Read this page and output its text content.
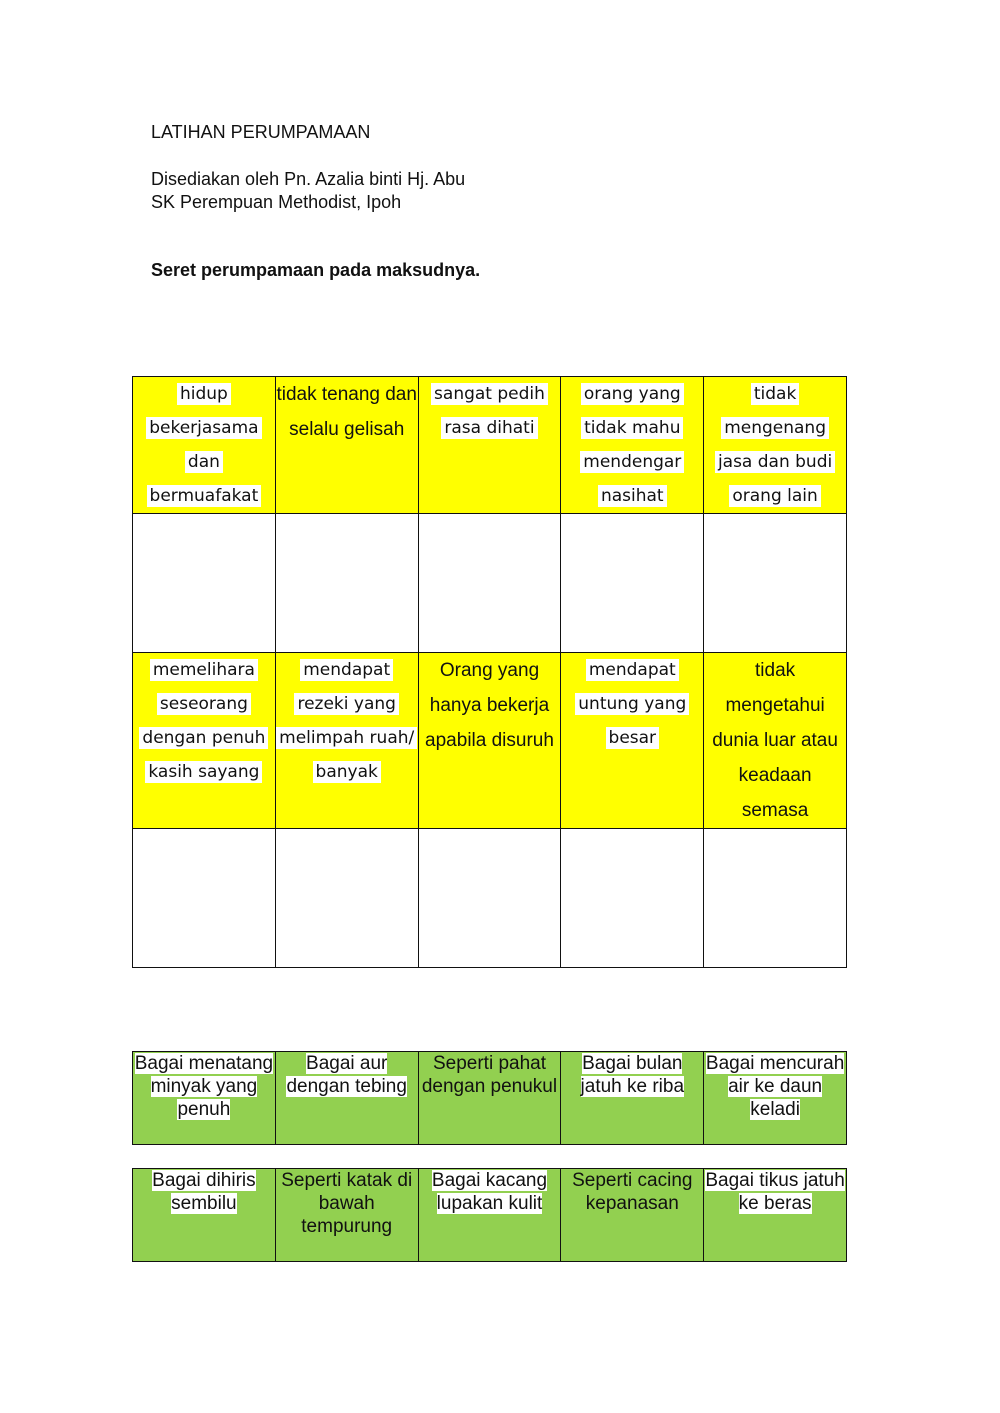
LATIHAN PERUMPAMAAN
Disediakan oleh Pn. Azalia binti Hj. Abu
SK Perempuan Methodist, Ipoh
Seret perumpamaan pada maksudnya.
hidup bekerjasama dan bermuafakat	tidak tenang dan selalu gelisah	sangat pedih rasa dihati	orang yang tidak mahu mendengar nasihat	tidak mengenang jasa dan budi orang lain

memelihara seseorang dengan penuh kasih sayang	mendapat rezeki yang melimpah ruah/ banyak	Orang yang hanya bekerja apabila disuruh	mendapat untung yang besar	tidak mengetahui dunia luar atau keadaan semasa

Bagai menatang minyak yang penuh	Bagai aur dengan tebing	Seperti pahat dengan penukul	Bagai bulan jatuh ke riba	Bagai mencurah air ke daun keladi
Bagai dihiris sembilu	Seperti katak di bawah tempurung	Bagai kacang lupakan kulit	Seperti cacing kepanasan	Bagai tikus jatuh ke beras
